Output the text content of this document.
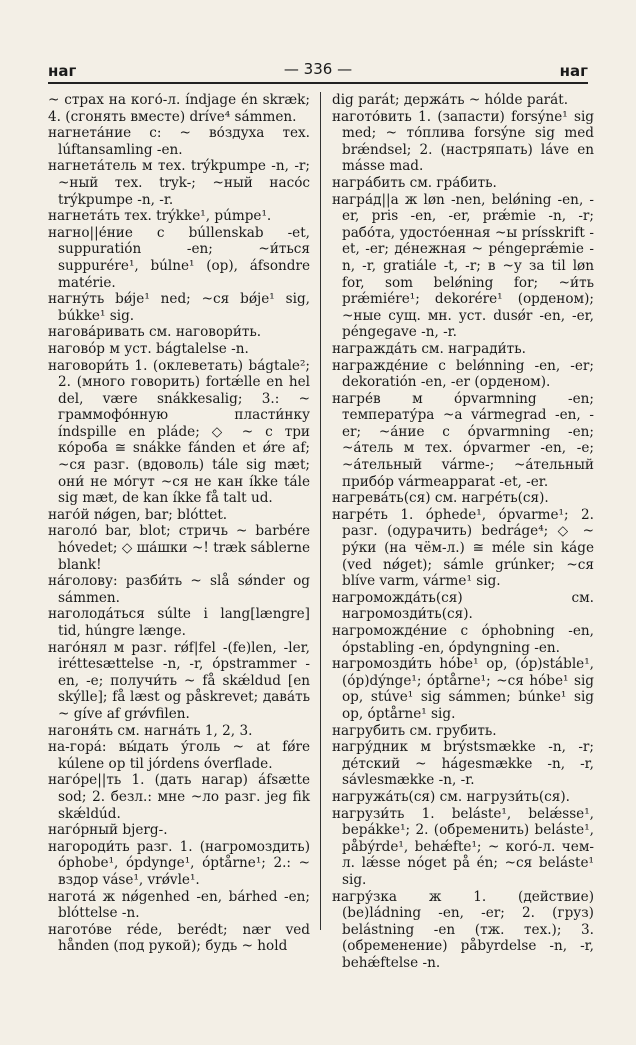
— 336 —
наг	наг

~ страх на кого́-л. índjage én skræk; 4. (сгонять вместе) dríve⁴ sámmen.

нагнета́ние с: ~ во́здуха тех. lúftansamling -en.

нагнета́тель м тех. trýkpumpe -n, -r; ~ный тех. tryk-; ~ный насо́с trýkpumpe -n, -r.

нагнета́ть тех. trýkke¹, púmpe¹.

нагно||е́ние с búllenskab -et, suppuratión -en; ~и́ться suppurére¹, búlne¹ (op), áfsondre matérie.

нагну́ть bǿje¹ ned; ~ся bǿje¹ sig, búkke¹ sig.

нагова́ривать см. наговори́ть.

наговóр м уст. bágtalelse -n.

наговори́ть 1. (оклеветать) bágtale²; 2. (много говорить) fortǽlle en hel del, være snákkesalig; 3.: ~ граммофо́нную пласти́нку índspille en pláde; ◇ ~ с три ко́роба ≅ snákke fánden et ǿre af; ~ся разг. (вдоволь) tále sig mæt; они́ не мо́гут ~ся не кан íkke tále sig mæt, de kan íkke få talt ud.

наго́й nǿgen, bar; blóttet.

наголо́ bar, blot; стричь ~ barbére hóvedet; ◇ ша́шки ~! træk sáblerne blank!

на́голову: разби́ть ~ slå sǿnder og sámmen.

наголода́ться súlte i lang[længre] tid, húngre længe.

наго́нял м разг. rǿf|fel -(fe)len, -ler, iréttesættelse -n, -r, ópstrammer -en, -e; получи́ть ~ få skǽldud [en skýlle]; få læst og påskrevet; дава́ть ~ gíve af grǿvfilen.

нагоня́ть см. нагна́ть 1, 2, 3.

на-гора́: вы́дать у́голь ~ at fǿre kúlene op til jórdens óverflade.

наго́ре||ть 1. (дать нагар) áfsætte sod; 2. безл.: мне ~ло разг. jeg fik skǽldúd.

наго́рный bjerg-.

нагороди́ть разг. 1. (нагромоздить) óphobe¹, ópdynge¹, óptårne¹; 2.: ~ вздор váse¹, vrǿvle¹.

нагота́ ж nǿgenhed -en, bárhed -en; blóttelse -n.

нагото́ве réde, berédt; nær ved hånden (под рукой); будь ~ hold

dig parát; держа́ть ~ hólde parát.

нагото́вить 1. (запасти) forsýne¹ sig med; ~ то́плива forsýne sig med brǽndsel; 2. (настряпать) láve en másse mad.

награ́бить см. гра́бить.

награ́д||а ж løn -nen, belǿning -en, -er, pris -en, -er, prǽmie -n, -r; рабо́та, удосто́енная ~ы prísskrift -et, -er; де́нежная ~ péngeprǽmie -n, -r, gratiále -t, -r; в ~у за til løn for, som belǿning for; ~и́ть prǽmiére¹; dekorére¹ (орденом); ~ные сущ. мн. уст. dusǿr -en, -er, péngegave -n, -r.

награжда́ть см. награди́ть.

награжде́ние с belǿnning -en, -er; dekoratión -en, -er (орденом).

нагре́в м ópvarmning -en; температу́ра ~а vármegrad -en, -er; ~а́ние с ópvarmning -en; ~а́тель м тех. ópvarmer -en, -e; ~а́тельный várme-; ~а́тельный прибо́р vármeapparat -et, -er.

нагрева́ть(ся) см. нагре́ть(ся).

нагре́ть 1. óphede¹, ópvarme¹; 2. разг. (одурачить) bedráge⁴; ◇ ~ ру́ки (на чём-л.) ≅ méle sin káge (ved nǿget); sámle grúnker; ~ся blíve varm, várme¹ sig.

нагроможда́ть(ся) см. нагромозди́ть(ся).

нагроможде́ние с óphobning -en, ópstabling -en, ópdyngning -en.

нагромозди́ть hóbe¹ op, (óp)stáble¹, (óp)dýnge¹; óptårne¹; ~ся hóbe¹ sig op, stúve¹ sig sámmen; búnke¹ sig op, óptårne¹ sig.

нагрубить см. грубить.

нагру́дник м brýstsmække -n, -r; де́тский ~ hágesmække -n, -r, sávlesmække -n, -r.

нагружа́ть(ся) см. нагрузи́ть(ся).

нагрузи́ть 1. beláste¹, belǽsse¹, bepákke¹; 2. (обременить) beláste¹, påbýrde¹, behǽfte¹; ~ кого́-л. чем-л. lǽsse nóget på én; ~ся beláste¹ sig.

нагру́зка ж 1. (действие) (be)ládning -en, -er; 2. (груз) belástning -en (тж. тех.); 3. (обременение) påbyrdelse -n, -r, behǽftelse -n.
